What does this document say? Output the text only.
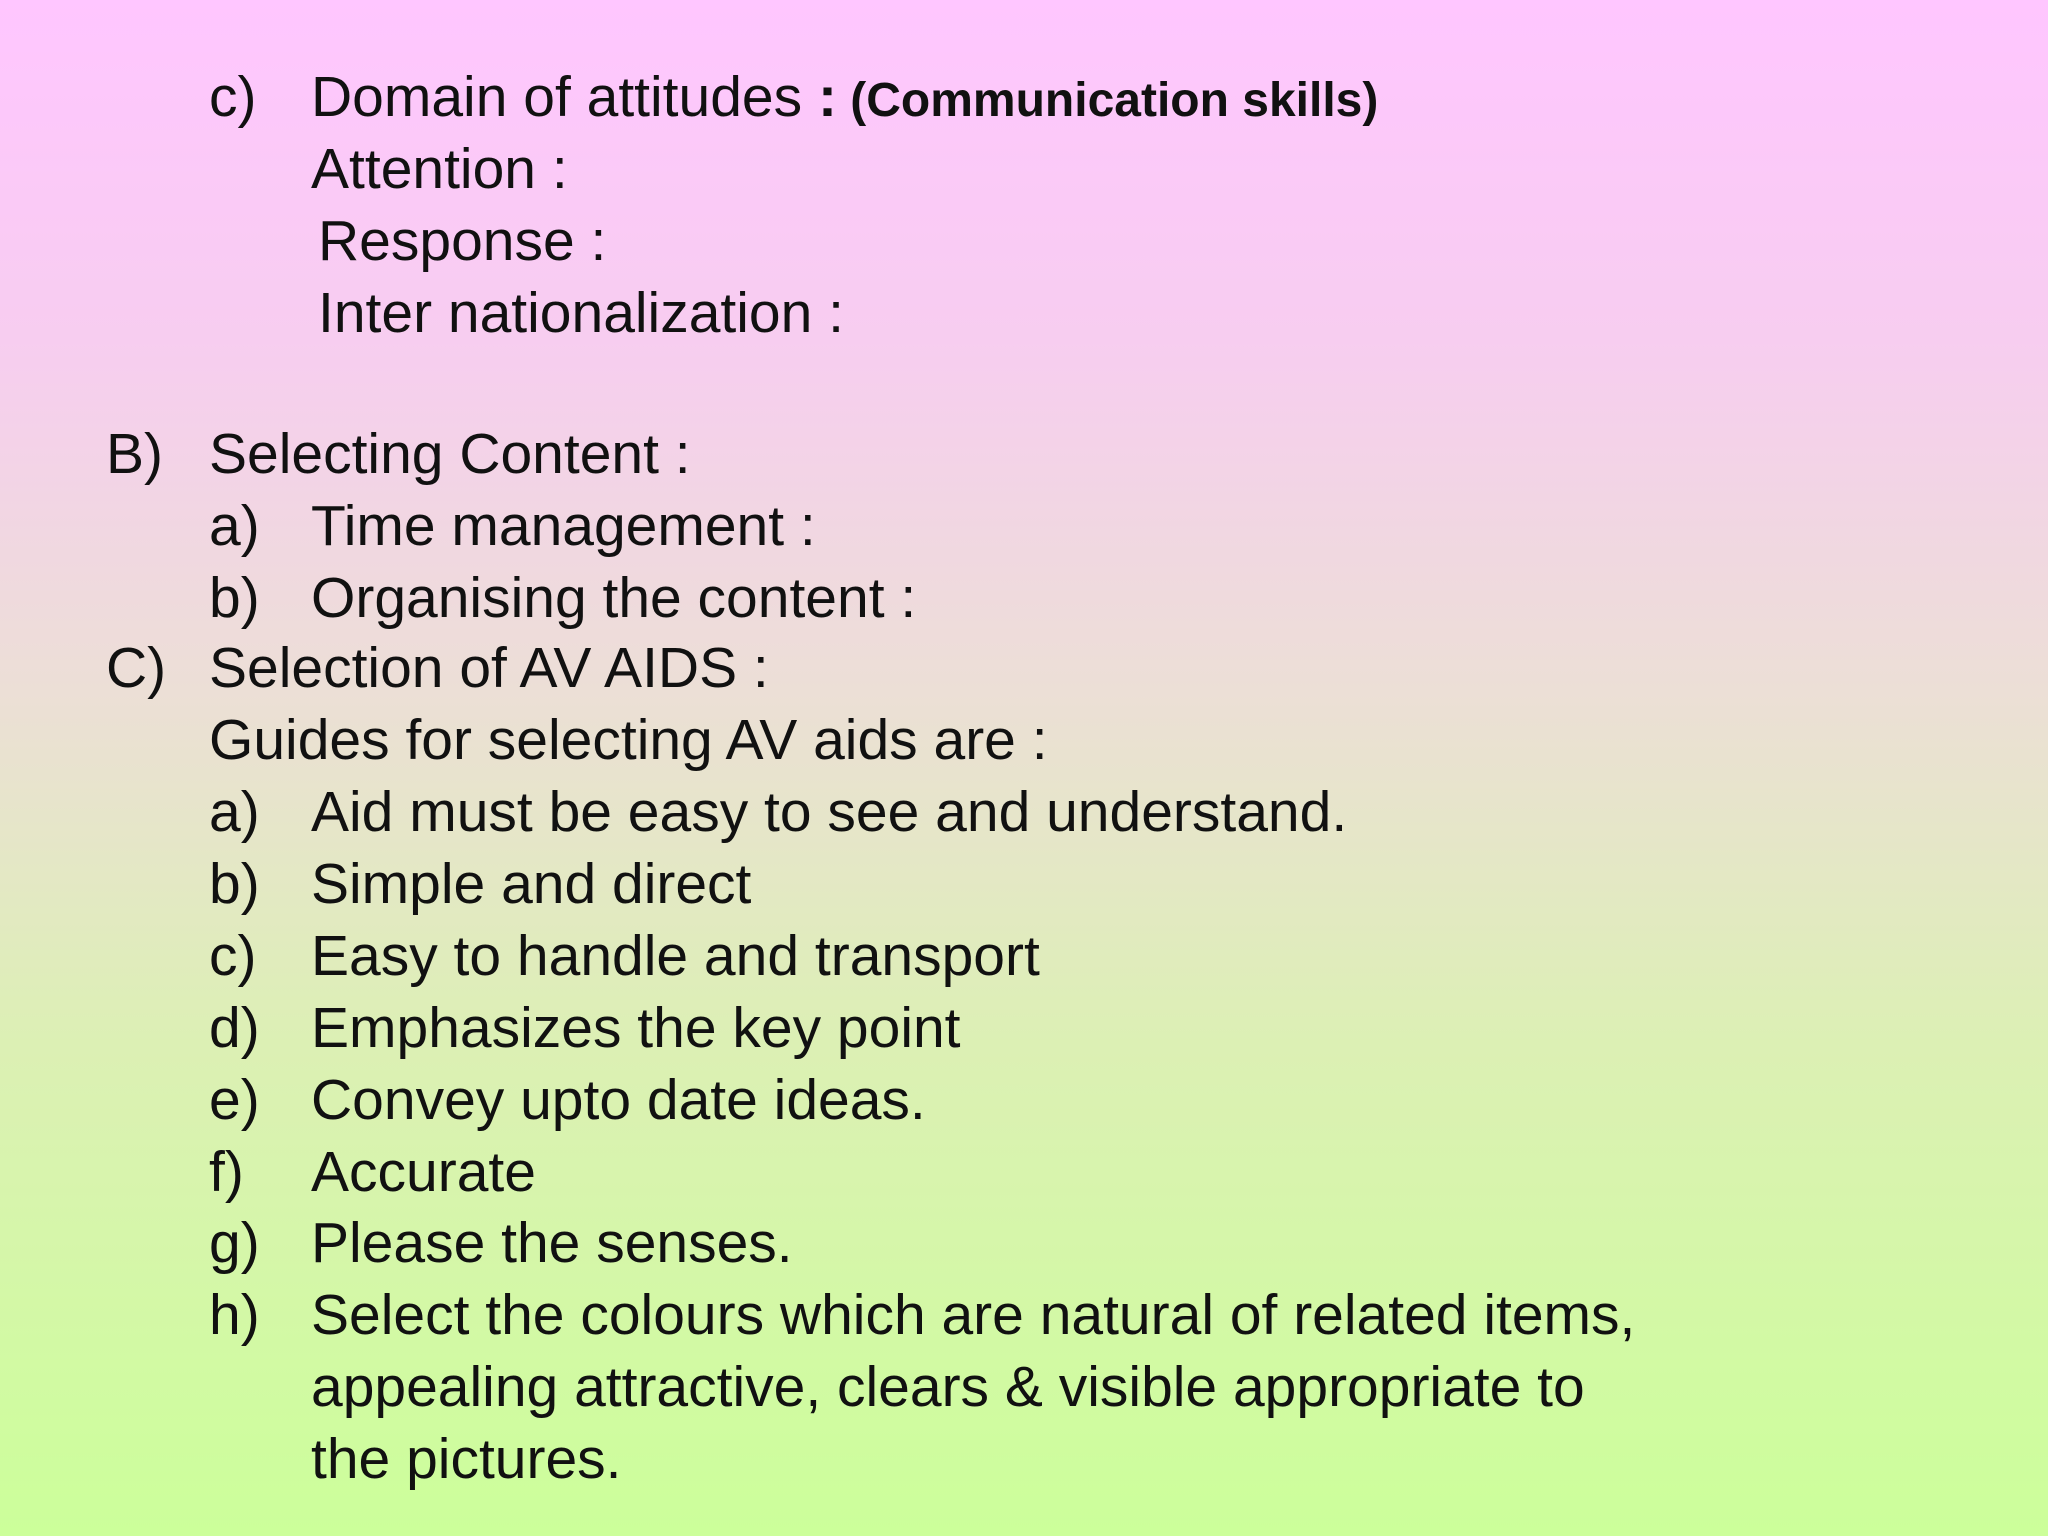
c) Domain of attitudes : (Communication skills)
Attention :
Response :
Inter nationalization :
B) Selecting Content :
a) Time management :
b) Organising the content :
C) Selection of AV AIDS :
Guides for selecting AV aids are :
a) Aid must be easy to see and understand.
b) Simple and direct
c) Easy to handle and transport
d) Emphasizes the key point
e) Convey upto date ideas.
f) Accurate
g) Please the senses.
h) Select the colours which are natural of related items,
appealing attractive, clears & visible appropriate to
the pictures.
